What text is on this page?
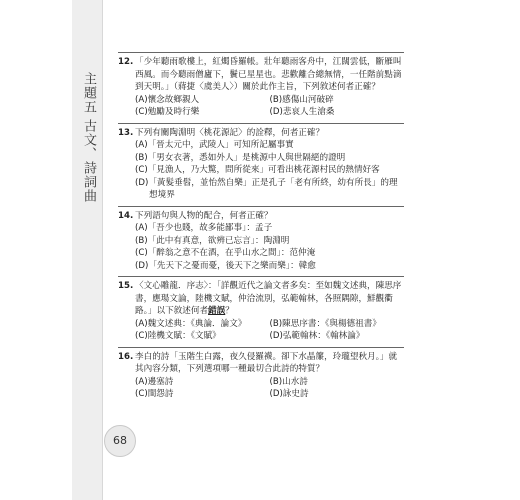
主題五 古文、詩詞曲
68
12. 「少年聽雨歌樓上，紅燭昏羅帳。壯年聽雨客舟中，江闊雲低，斷雁叫西風。而今聽雨僧廬下，鬢已星星也。悲歡離合總無情，一任階前點滴到天明。」（蔣捷〈虞美人〉）關於此作主旨，下列敘述何者正確？
(A)懷念故鄉親人	(B)感傷山河破碎
(C)勉勵及時行樂	(D)悲哀人生滄桑
13. 下列有關陶淵明〈桃花源記〉的詮釋，何者正確？
(A)「晉太元中，武陵人」可知所記屬事實
(B)「男女衣著，悉如外人」是桃源中人與世隔絕的證明
(C)「見漁人，乃大驚，問所從來」可看出桃花源村民的熱情好客
(D)「黃髮垂髫，並怡然自樂」正是孔子「老有所終，幼有所長」的理
想境界
14. 下列語句與人物的配合，何者正確？
(A)「吾少也賤，故多能鄙事」：孟子
(B)「此中有真意，欲辨已忘言」：陶淵明
(C)「醉翁之意不在酒，在乎山水之間」：范仲淹
(D)「先天下之憂而憂，後天下之樂而樂」：韓愈
15. 〈文心雕龍．序志〉：「詳觀近代之論文者多矣：至如魏文述典，陳思序書，應瑒文論，陸機文賦，仲洽流別，弘範翰林，各照隅隙，鮮觀衢路。」以下敘述何者錯誤？
(A)魏文述典：《典論．論文》	(B)陳思序書：《與楊德祖書》
(C)陸機文賦：《文賦》	(D)弘範翰林：《翰林論》
16. 李白的詩「玉階生白露，夜久侵羅襪。卻下水晶簾，玲瓏望秋月。」就其內容分類，下列選項哪一種最切合此詩的特質？
(A)邊塞詩	(B)山水詩
(C)閨怨詩	(D)詠史詩
